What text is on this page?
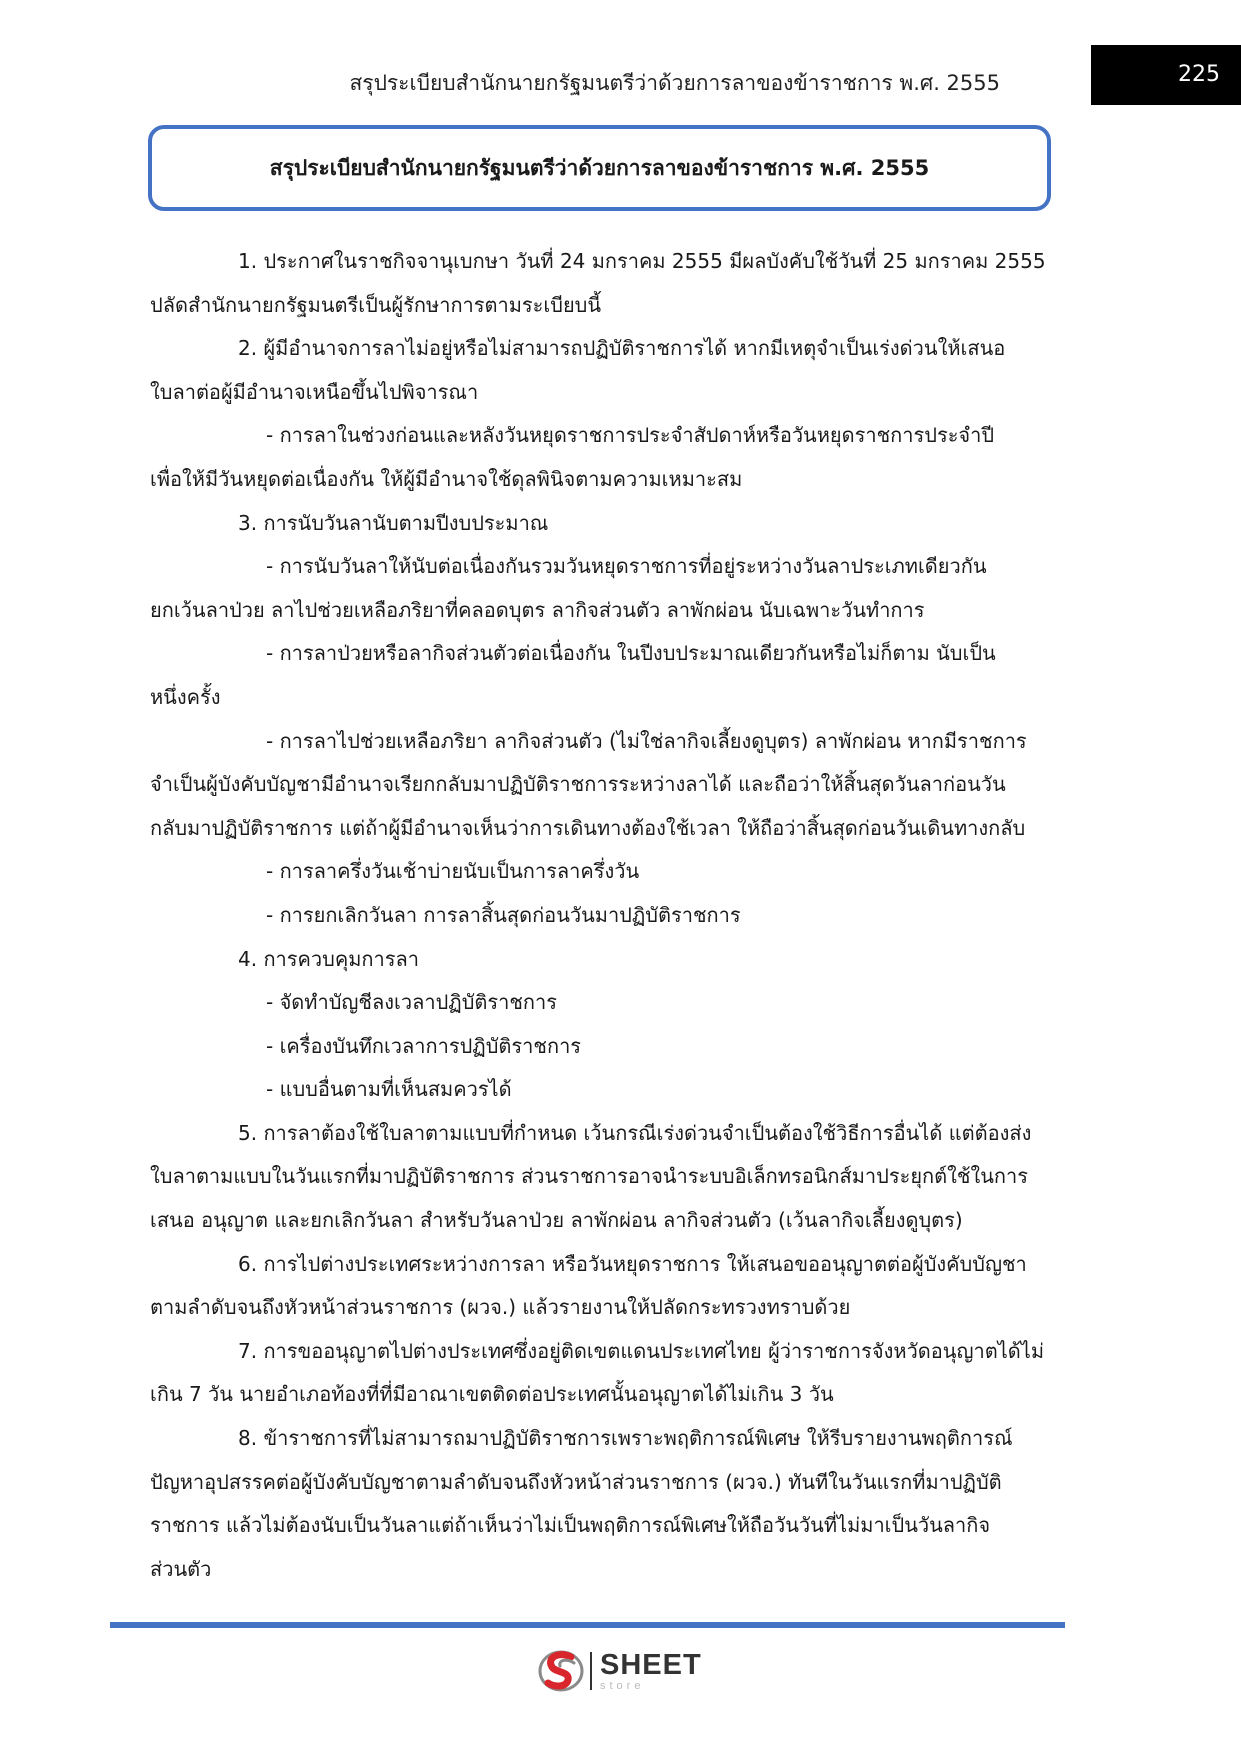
สรุประเบียบสำนักนายกรัฐมนตรีว่าด้วยการลาของข้าราชการ พ.ศ. 2555	225
สรุประเบียบสำนักนายกรัฐมนตรีว่าด้วยการลาของข้าราชการ พ.ศ. 2555

1. ประกาศในราชกิจจานุเบกษา วันที่ 24 มกราคม 2555 มีผลบังคับใช้วันที่ 25 มกราคม 2555

ปลัดสำนักนายกรัฐมนตรีเป็นผู้รักษาการตามระเบียบนี้

2. ผู้มีอำนาจการลาไม่อยู่หรือไม่สามารถปฏิบัติราชการได้ หากมีเหตุจำเป็นเร่งด่วนให้เสนอ

ใบลาต่อผู้มีอำนาจเหนือขึ้นไปพิจารณา

- การลาในช่วงก่อนและหลังวันหยุดราชการประจำสัปดาห์หรือวันหยุดราชการประจำปี

เพื่อให้มีวันหยุดต่อเนื่องกัน ให้ผู้มีอำนาจใช้ดุลพินิจตามความเหมาะสม

3. การนับวันลานับตามปีงบประมาณ

- การนับวันลาให้นับต่อเนื่องกันรวมวันหยุดราชการที่อยู่ระหว่างวันลาประเภทเดียวกัน

ยกเว้นลาป่วย ลาไปช่วยเหลือภริยาที่คลอดบุตร ลากิจส่วนตัว ลาพักผ่อน นับเฉพาะวันทำการ

- การลาป่วยหรือลากิจส่วนตัวต่อเนื่องกัน ในปีงบประมาณเดียวกันหรือไม่ก็ตาม นับเป็น

หนึ่งครั้ง

- การลาไปช่วยเหลือภริยา ลากิจส่วนตัว (ไม่ใช่ลากิจเลี้ยงดูบุตร) ลาพักผ่อน หากมีราชการ

จำเป็นผู้บังคับบัญชามีอำนาจเรียกกลับมาปฏิบัติราชการระหว่างลาได้ และถือว่าให้สิ้นสุดวันลาก่อนวัน

กลับมาปฏิบัติราชการ แต่ถ้าผู้มีอำนาจเห็นว่าการเดินทางต้องใช้เวลา ให้ถือว่าสิ้นสุดก่อนวันเดินทางกลับ

- การลาครึ่งวันเช้าบ่ายนับเป็นการลาครึ่งวัน

- การยกเลิกวันลา การลาสิ้นสุดก่อนวันมาปฏิบัติราชการ

4. การควบคุมการลา

- จัดทำบัญชีลงเวลาปฏิบัติราชการ

- เครื่องบันทึกเวลาการปฏิบัติราชการ

- แบบอื่นตามที่เห็นสมควรได้

5. การลาต้องใช้ใบลาตามแบบที่กำหนด เว้นกรณีเร่งด่วนจำเป็นต้องใช้วิธีการอื่นได้ แต่ต้องส่ง

ใบลาตามแบบในวันแรกที่มาปฏิบัติราชการ ส่วนราชการอาจนำระบบอิเล็กทรอนิกส์มาประยุกต์ใช้ในการ

เสนอ อนุญาต และยกเลิกวันลา สำหรับวันลาป่วย ลาพักผ่อน ลากิจส่วนตัว (เว้นลากิจเลี้ยงดูบุตร)

6. การไปต่างประเทศระหว่างการลา หรือวันหยุดราชการ ให้เสนอขออนุญาตต่อผู้บังคับบัญชา

ตามลำดับจนถึงหัวหน้าส่วนราชการ (ผวจ.) แล้วรายงานให้ปลัดกระทรวงทราบด้วย

7. การขออนุญาตไปต่างประเทศซึ่งอยู่ติดเขตแดนประเทศไทย ผู้ว่าราชการจังหวัดอนุญาตได้ไม่

เกิน 7 วัน นายอำเภอท้องที่ที่มีอาณาเขตติดต่อประเทศนั้นอนุญาตได้ไม่เกิน 3 วัน

8. ข้าราชการที่ไม่สามารถมาปฏิบัติราชการเพราะพฤติการณ์พิเศษ ให้รีบรายงานพฤติการณ์

ปัญหาอุปสรรคต่อผู้บังคับบัญชาตามลำดับจนถึงหัวหน้าส่วนราชการ (ผวจ.) ทันทีในวันแรกที่มาปฏิบัติ

ราชการ แล้วไม่ต้องนับเป็นวันลาแต่ถ้าเห็นว่าไม่เป็นพฤติการณ์พิเศษให้ถือวันวันที่ไม่มาเป็นวันลากิจ

ส่วนตัว

SHEET
store
